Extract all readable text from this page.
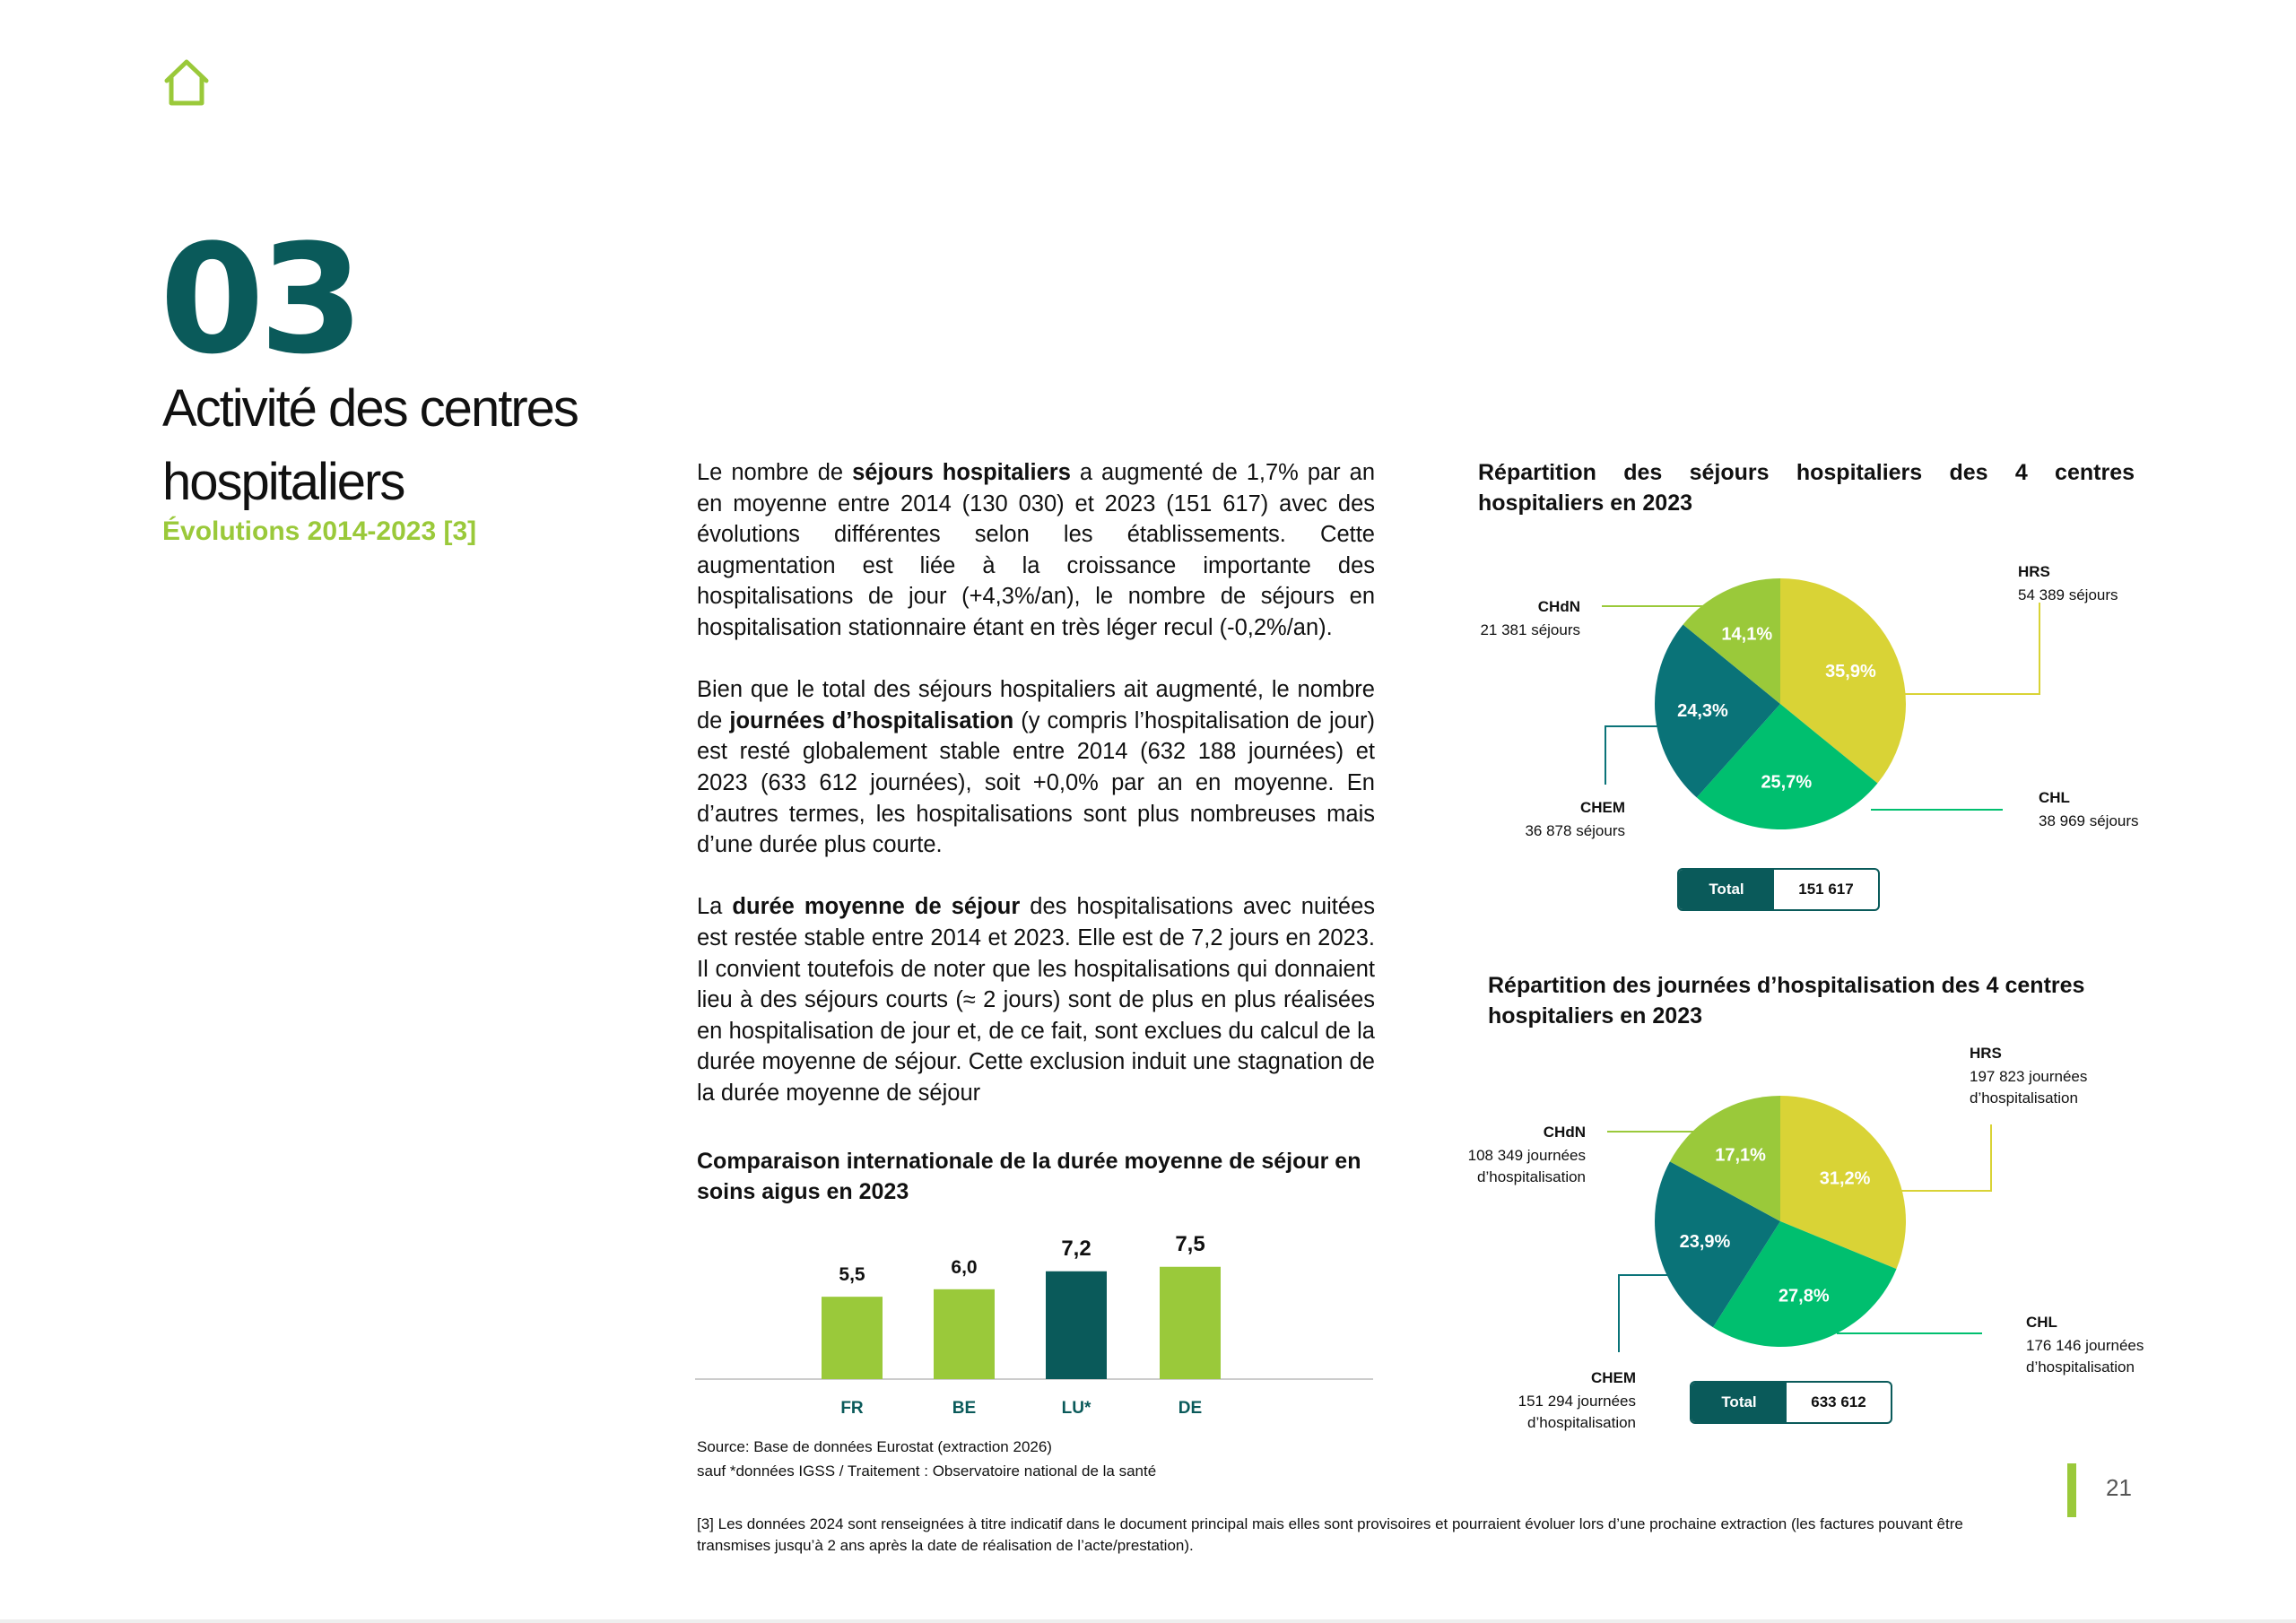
03
Activité des centres hospitaliers
Évolutions 2014-2023 [3]

Le nombre de séjours hospitaliers a augmenté de 1,7% par an en moyenne entre 2014 (130 030) et 2023 (151 617) avec des évolutions différentes selon les établissements. Cette augmentation est liée à la croissance importante des hospitalisations de jour (+4,3%/an), le nombre de séjours en hospitalisation stationnaire étant en très léger recul (-0,2%/an).

Bien que le total des séjours hospitaliers ait augmenté, le nombre de journées d’hospitalisation (y compris l’hospitalisation de jour) est resté globalement stable entre 2014 (632 188 journées) et 2023 (633 612 journées), soit +0,0% par an en moyenne. En d’autres termes, les hospitalisations sont plus nombreuses mais d’une durée plus courte.

La durée moyenne de séjour des hospitalisations avec nuitées est restée stable entre 2014 et 2023. Elle est de 7,2 jours en 2023. Il convient toutefois de noter que les hospitalisations qui donnaient lieu à des séjours courts (≈ 2 jours) sont de plus en plus réalisées en hospitalisation de jour et, de ce fait, sont exclues du calcul de la durée moyenne de séjour. Cette exclusion induit une stagnation de la durée moyenne de séjour

Comparaison internationale de la durée moyenne de séjour en soins aigus en 2023
5,5
FR
6,0
BE
7,2
LU*
7,5
DE
Source: Base de données Eurostat (extraction 2026)
sauf *données IGSS / Traitement : Observatoire national de la santé
Répartition des séjours hospitaliers des 4 centres hospitaliers en 2023
35,9%
25,7%
24,3%
14,1%
HRS
54 389 séjours
CHL
38 969 séjours
CHEM
36 878 séjours
CHdN
21 381 séjours
Total	151 617
Répartition des journées d’hospitalisation des 4 centres hospitaliers en 2023
31,2%
27,8%
23,9%
17,1%
HRS
197 823 journées
d’hospitalisation
CHL
176 146 journées
d’hospitalisation
CHEM
151 294 journées
d’hospitalisation
CHdN
108 349 journées
d’hospitalisation
Total	633 612
21
[3] Les données 2024 sont renseignées à titre indicatif dans le document principal mais elles sont provisoires et pourraient évoluer lors d’une prochaine extraction (les factures pouvant être transmises jusqu’à 2 ans après la date de réalisation de l’acte/prestation).
